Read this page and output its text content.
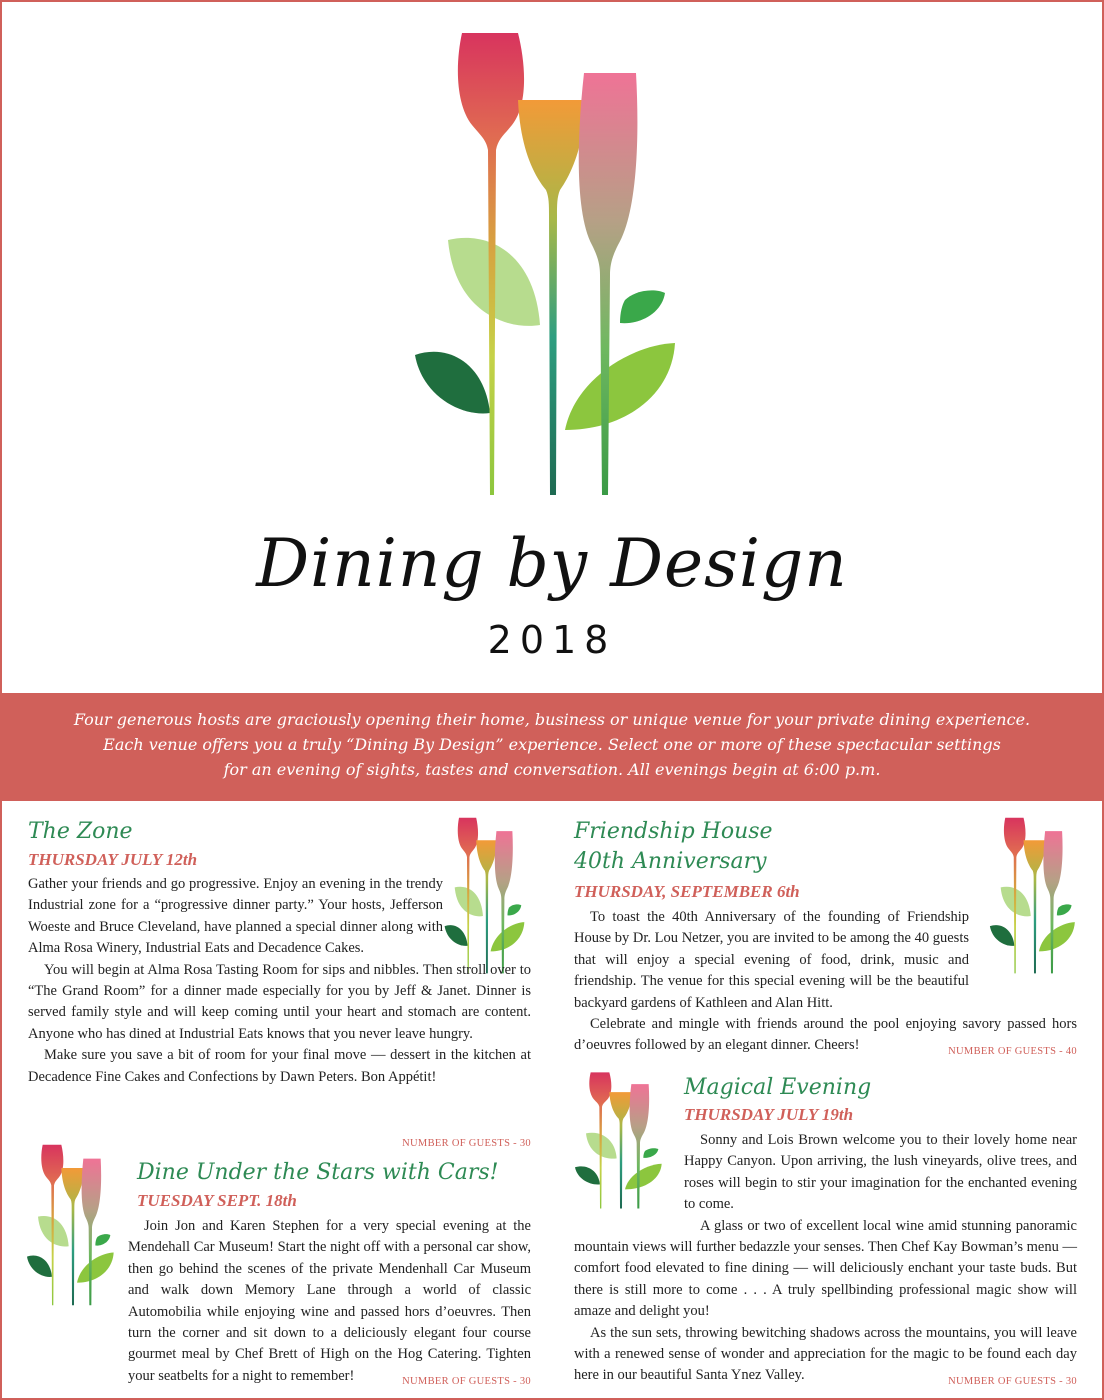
Dining by Design
2018
Four generous hosts are graciously opening their home, business or unique venue for your private dining experience.
Each venue offers you a truly “Dining By Design” experience. Select one or more of these spectacular settings
for an evening of sights, tastes and conversation. All evenings begin at 6:00 p.m.
The Zone
THURSDAY JULY 12th

Gather your friends and go progressive. Enjoy an evening in the trendy Industrial zone for a “progressive dinner party.” Your hosts, Jefferson Woeste and Bruce Cleveland, have planned a special dinner along with Alma Rosa Winery, Industrial Eats and Decadence Cakes.

You will begin at Alma Rosa Tasting Room for sips and nibbles. Then stroll over to “The Grand Room” for a dinner made especially for you by Jeff & Janet. Dinner is served family style and will keep coming until your heart and stomach are content. Anyone who has dined at Industrial Eats knows that you never leave hungry.

Make sure you save a bit of room for your final move — dessert in the kitchen at Decadence Fine Cakes and Confections by Dawn Peters. Bon Appétit!

NUMBER OF GUESTS - 30
Dine Under the Stars with Cars!
TUESDAY SEPT. 18th

Join Jon and Karen Stephen for a very special evening at the Mendehall Car Museum! Start the night off with a personal car show, then go behind the scenes of the private Mendenhall Car Museum and walk down Memory Lane through a world of classic Automobilia while enjoying wine and passed hors d’oeuvres. Then turn the corner and sit down to a deliciously elegant four course gourmet meal by Chef Brett of High on the Hog Catering. Tighten your seatbelts for a night to remember!	NUMBER OF GUESTS - 30
Friendship House
40th Anniversary
THURSDAY, SEPTEMBER 6th

To toast the 40th Anniversary of the founding of Friendship House by Dr. Lou Netzer, you are invited to be among the 40 guests that will enjoy a special evening of food, drink, music and friendship. The venue for this special evening will be the beautiful backyard gardens of Kathleen and Alan Hitt.

Celebrate and mingle with friends around the pool enjoying savory passed hors d’oeuvres followed by an elegant dinner. Cheers!	NUMBER OF GUESTS - 40
Magical Evening
THURSDAY JULY 19th

Sonny and Lois Brown welcome you to their lovely home near Happy Canyon. Upon arriving, the lush vineyards, olive trees, and roses will begin to stir your imagination for the enchanted evening to come.

A glass or two of excellent local wine amid stunning panoramic mountain views will further bedazzle your senses. Then Chef Kay Bowman’s menu — comfort food elevated to fine dining — will deliciously enchant your taste buds. But there is still more to come . . . A truly spellbinding professional magic show will amaze and delight you!

As the sun sets, throwing bewitching shadows across the mountains, you will leave with a renewed sense of wonder and appreciation for the magic to be found each day here in our beautiful Santa Ynez Valley.	NUMBER OF GUESTS - 30
